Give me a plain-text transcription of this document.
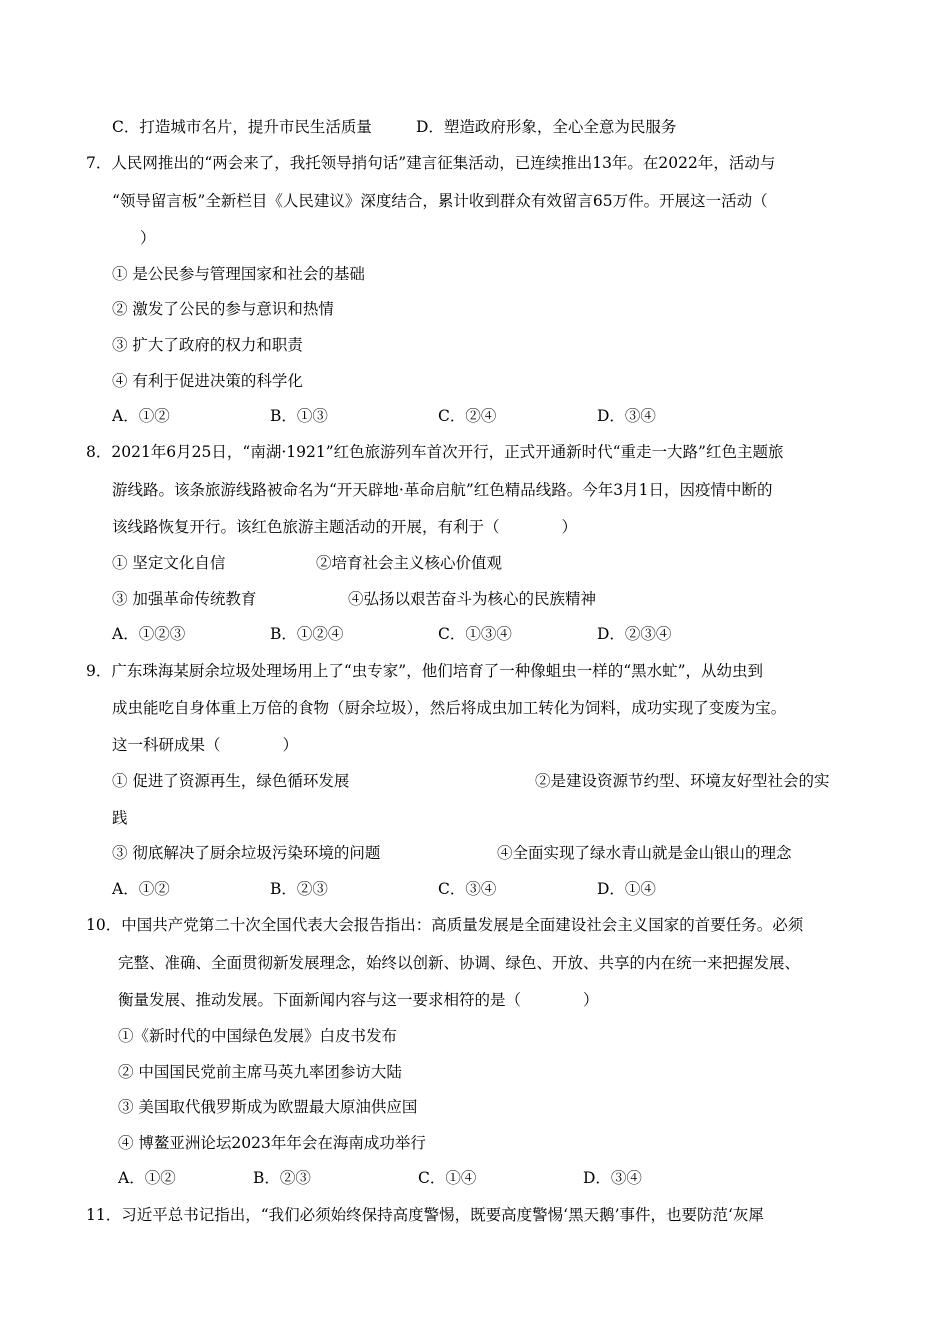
C．打造城市名片，提升市民生活质量	D．塑造政府形象，全心全意为民服务
7．人民网推出的“两会来了，我托领导捎句话”建言征集活动，已连续推出13年。在2022年，活动与
“领导留言板”全新栏目《人民建议》深度结合，累计收到群众有效留言65万件。开展这一活动（
）
① 是公民参与管理国家和社会的基础
② 激发了公民的参与意识和热情
③ 扩大了政府的权力和职责
④ 有利于促进决策的科学化
A．①②	B．①③	C．②④	D．③④
8．2021年6月25日，“南湖·1921”红色旅游列车首次开行，正式开通新时代“重走一大路”红色主题旅
游线路。该条旅游线路被命名为“开天辟地·革命启航”红色精品线路。今年3月1日，因疫情中断的
该线路恢复开行。该红色旅游主题活动的开展，有利于（　　　　）
① 坚定文化自信	②培育社会主义核心价值观
③ 加强革命传统教育	④弘扬以艰苦奋斗为核心的民族精神
A．①②③	B．①②④	C．①③④	D．②③④
9．广东珠海某厨余垃圾处理场用上了“虫专家”，他们培育了一种像蛆虫一样的“黑水虻”，从幼虫到
成虫能吃自身体重上万倍的食物（厨余垃圾），然后将成虫加工转化为饲料，成功实现了变废为宝。
这一科研成果（　　　　）
① 促进了资源再生，绿色循环发展	②是建设资源节约型、环境友好型社会的实
践
③ 彻底解决了厨余垃圾污染环境的问题	④全面实现了绿水青山就是金山银山的理念
A．①②	B．②③	C．③④	D．①④
10．中国共产党第二十次全国代表大会报告指出：高质量发展是全面建设社会主义国家的首要任务。必须
完整、准确、全面贯彻新发展理念，始终以创新、协调、绿色、开放、共享的内在统一来把握发展、
衡量发展、推动发展。下面新闻内容与这一要求相符的是（　　　　）
①《新时代的中国绿色发展》白皮书发布
② 中国国民党前主席马英九率团参访大陆
③ 美国取代俄罗斯成为欧盟最大原油供应国
④ 博鳌亚洲论坛2023年年会在海南成功举行
A．①②	B．②③	C．①④	D．③④
11．习近平总书记指出，“我们必须始终保持高度警惕，既要高度警惕‘黑天鹅’事件，也要防范‘灰犀
